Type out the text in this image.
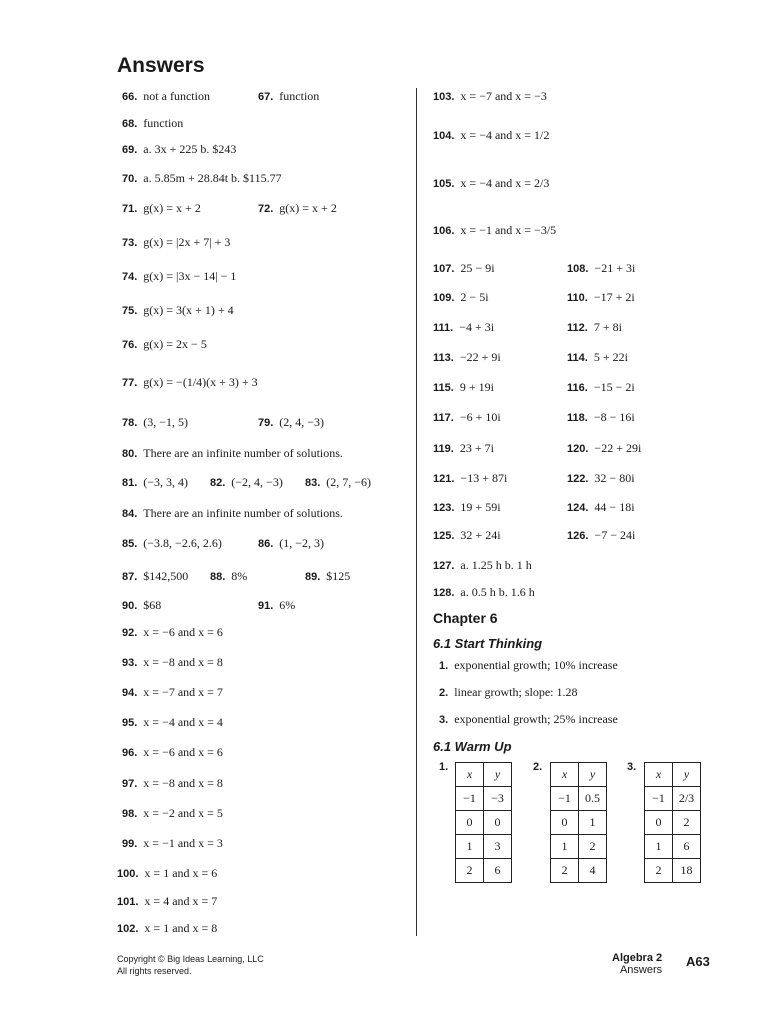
Answers
66. not a function	67. function
68. function
69. a. 3x + 225 b. $243
70. a. 5.85m + 28.84t b. $115.77
71. g(x) = x + 2	72. g(x) = x + 2
73. g(x) = |2x + 7| + 3
74. g(x) = |3x − 14| − 1
75. g(x) = 3(x + 1) + 4
76. g(x) = 2x − 5
77. g(x) = −(1/4)(x + 3) + 3
78. (3, −1, 5)	79. (2, 4, −3)
80. There are an infinite number of solutions.
81. (−3, 3, 4) 82. (−2, 4, −3) 83. (2, 7, −6)
84. There are an infinite number of solutions.
85. (−3.8, −2.6, 2.6)	86. (1, −2, 3)
87. $142,500 88. 8%	89. $125
90. $68	91. 6%
92. x = −6 and x = 6
93. x = −8 and x = 8
94. x = −7 and x = 7
95. x = −4 and x = 4
96. x = −6 and x = 6
97. x = −8 and x = 8
98. x = −2 and x = 5
99. x = −1 and x = 3
100. x = 1 and x = 6
101. x = 4 and x = 7
102. x = 1 and x = 8
103. x = −7 and x = −3
104. x = −4 and x = 1/2
105. x = −4 and x = 2/3
106. x = −1 and x = −3/5
107. 25 − 9i	108. −21 + 3i
109. 2 − 5i	110. −17 + 2i
111. −4 + 3i	112. 7 + 8i
113. −22 + 9i	114. 5 + 22i
115. 9 + 19i	116. −15 − 2i
117. −6 + 10i	118. −8 − 16i
119. 23 + 7i	120. −22 + 29i
121. −13 + 87i	122. 32 − 80i
123. 19 + 59i	124. 44 − 18i
125. 32 + 24i	126. −7 − 24i
127. a. 1.25 h b. 1 h
128. a. 0.5 h b. 1.6 h
Chapter 6
6.1 Start Thinking
1. exponential growth; 10% increase
2. linear growth; slope: 1.28
3. exponential growth; 25% increase
6.1 Warm Up
1. x	y
−1	−3
0	0
1	3
2	6
2. x	y
−1	0.5
0	1
1	2
2	4
3. x	y
−1	2/3
0	2
1	6
2	18
Copyright © Big Ideas Learning, LLC
All rights reserved.
Algebra 2
Answers
A63
